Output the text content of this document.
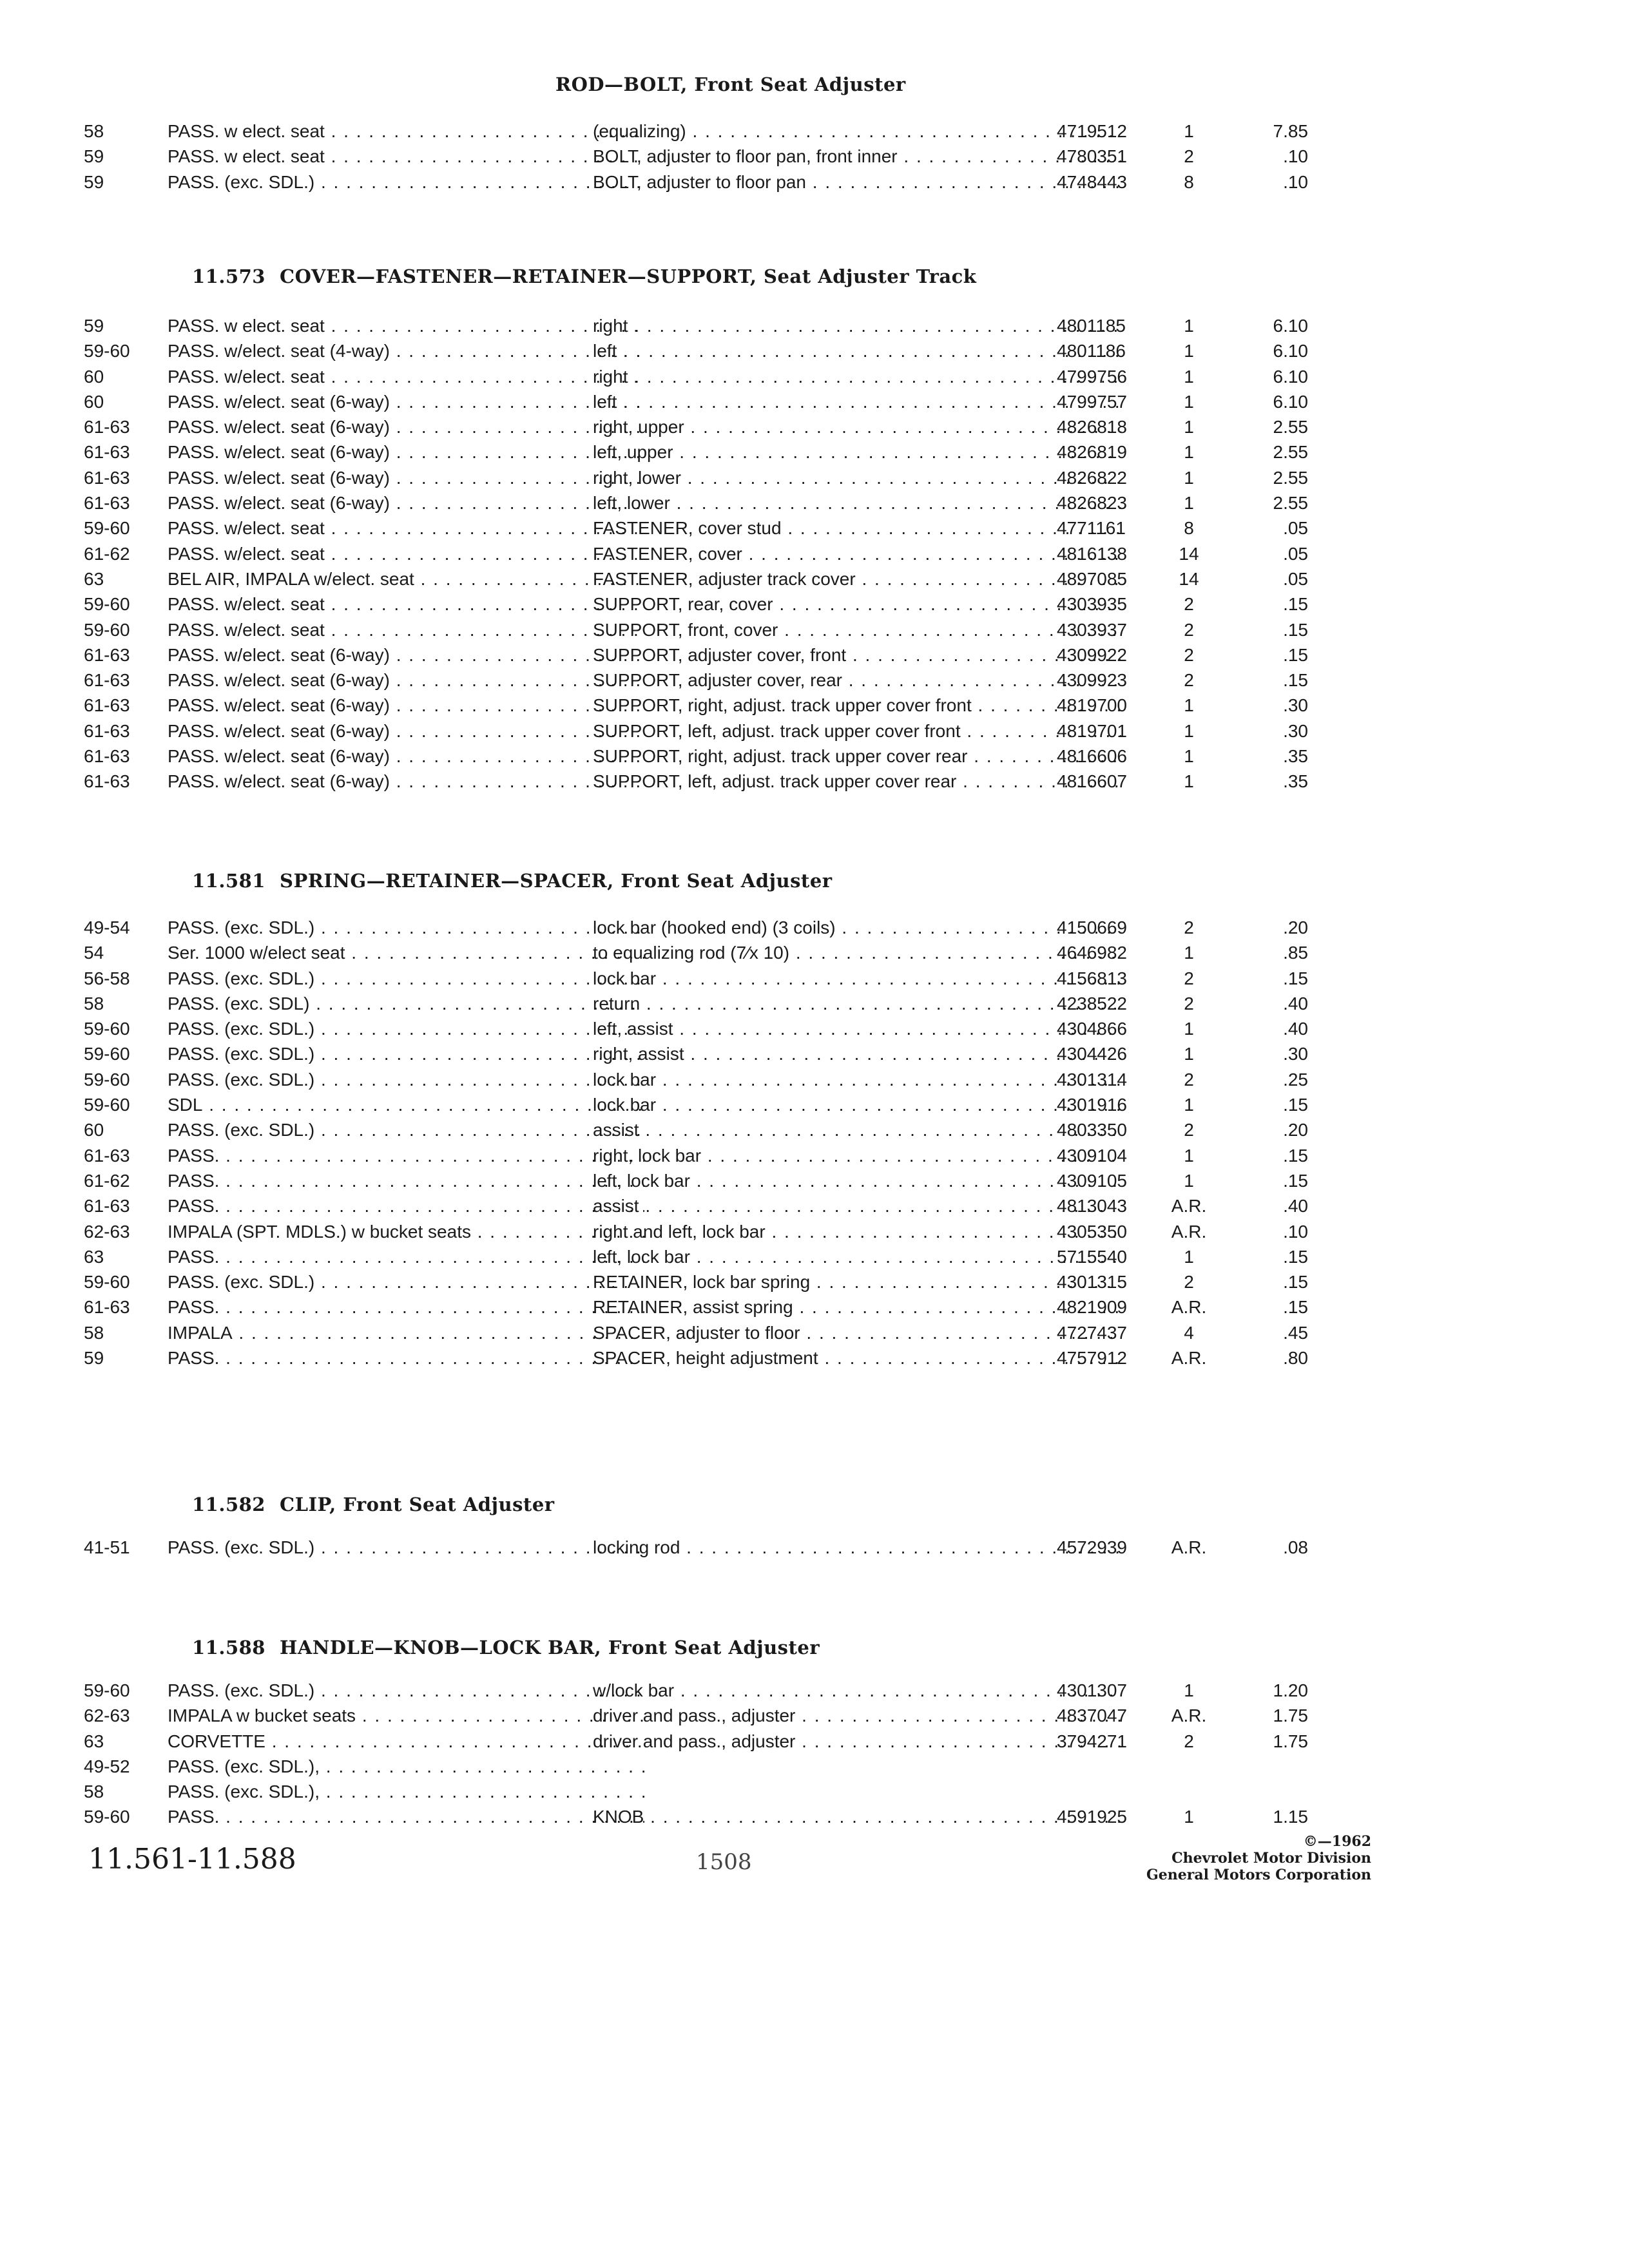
ROD—BOLT, Front Seat Adjuster
58	PASS. w elect. seat . . .	(equalizing) . . .	4719512	1	7.85
59	PASS. w elect. seat . . .	BOLT, adjuster to floor pan, front inner . . .	4780351	2	.10
59	PASS. (exc. SDL.) . . .	BOLT, adjuster to floor pan . . .	4748443	8	.10
11.573 COVER—FASTENER—RETAINER—SUPPORT, Seat Adjuster Track
59	PASS. w elect. seat . . .	right . . .	4801185	1	6.10
59-60	PASS. w/elect. seat (4-way) . . .	left . . .	4801186	1	6.10
60	PASS. w/elect. seat . . .	right . . .	4799756	1	6.10
60	PASS. w/elect. seat (6-way) . . .	left . . .	4799757	1	6.10
61-63	PASS. w/elect. seat (6-way) . . .	right, upper . . .	4826818	1	2.55
61-63	PASS. w/elect. seat (6-way) . . .	left, upper . . .	4826819	1	2.55
61-63	PASS. w/elect. seat (6-way) . . .	right, lower . . .	4826822	1	2.55
61-63	PASS. w/elect. seat (6-way) . . .	left, lower . . .	4826823	1	2.55
59-60	PASS. w/elect. seat . . .	FASTENER, cover stud . . .	4771161	8	.05
61-62	PASS. w/elect. seat . . .	FASTENER, cover . . .	4816138	14	.05
63	BEL AIR, IMPALA w/elect. seat . . .	FASTENER, adjuster track cover . . .	4897085	14	.05
59-60	PASS. w/elect. seat . . .	SUPPORT, rear, cover . . .	4303935	2	.15
59-60	PASS. w/elect. seat . . .	SUPPORT, front, cover . . .	4303937	2	.15
61-63	PASS. w/elect. seat (6-way) . . .	SUPPORT, adjuster cover, front . . .	4309922	2	.15
61-63	PASS. w/elect. seat (6-way) . . .	SUPPORT, adjuster cover, rear . . .	4309923	2	.15
61-63	PASS. w/elect. seat (6-way) . . .	SUPPORT, right, adjust. track upper cover front . . .	4819700	1	.30
61-63	PASS. w/elect. seat (6-way) . . .	SUPPORT, left, adjust. track upper cover front . . .	4819701	1	.30
61-63	PASS. w/elect. seat (6-way) . . .	SUPPORT, right, adjust. track upper cover rear . . .	4816606	1	.35
61-63	PASS. w/elect. seat (6-way) . . .	SUPPORT, left, adjust. track upper cover rear . . .	4816607	1	.35
11.581 SPRING—RETAINER—SPACER, Front Seat Adjuster
49-54	PASS. (exc. SDL.) . . .	lock bar (hooked end) (3 coils) . . .	4150669	2	.20
54	Ser. 1000 w/elect seat . . .	to equalizing rod (7⁄x 10) . . .	4646982	1	.85
56-58	PASS. (exc. SDL.) . . .	lock bar . . .	4156813	2	.15
58	PASS. (exc. SDL) . . .	return . . .	4238522	2	.40
59-60	PASS. (exc. SDL.) . . .	left, assist . . .	4304866	1	.40
59-60	PASS. (exc. SDL.) . . .	right, assist . . .	4304426	1	.30
59-60	PASS. (exc. SDL.) . . .	lock bar . . .	4301314	2	.25
59-60	SDL . . .	lock bar . . .	4301916	1	.15
60	PASS. (exc. SDL.) . . .	assist . . .	4803350	2	.20
61-63	PASS. . . .	right, lock bar . . .	4309104	1	.15
61-62	PASS. . . .	left, lock bar . . .	4309105	1	.15
61-63	PASS. . . .	assist . . .	4813043	A.R.	.40
62-63	IMPALA (SPT. MDLS.) w bucket seats . . .	right and left, lock bar . . .	4305350	A.R.	.10
63	PASS. . . .	left, lock bar . . .	5715540	1	.15
59-60	PASS. (exc. SDL.) . . .	RETAINER, lock bar spring . . .	4301315	2	.15
61-63	PASS. . . .	RETAINER, assist spring . . .	4821909	A.R.	.15
58	IMPALA . . .	SPACER, adjuster to floor . . .	4727437	4	.45
59	PASS. . . .	SPACER, height adjustment . . .	4757912	A.R.	.80
11.582 CLIP, Front Seat Adjuster
41-51	PASS. (exc. SDL.) . . .	locking rod . . .	4572939	A.R.	.08
11.588 HANDLE—KNOB—LOCK BAR, Front Seat Adjuster
59-60	PASS. (exc. SDL.) . . .	w/lock bar . . .	4301307	1	1.20
62-63	IMPALA w bucket seats . . .	driver and pass., adjuster . . .	4837047	A.R.	1.75
63	CORVETTE . . .	driver and pass., adjuster . . .	3794271	2	1.75
49-52	PASS. (exc. SDL.), . . .
58	PASS. (exc. SDL.), . . .
59-60	PASS. . . .	KNOB . . .	4591925	1	1.15
11.561-11.588	1508
©—1962
Chevrolet Motor Division
General Motors Corporation
